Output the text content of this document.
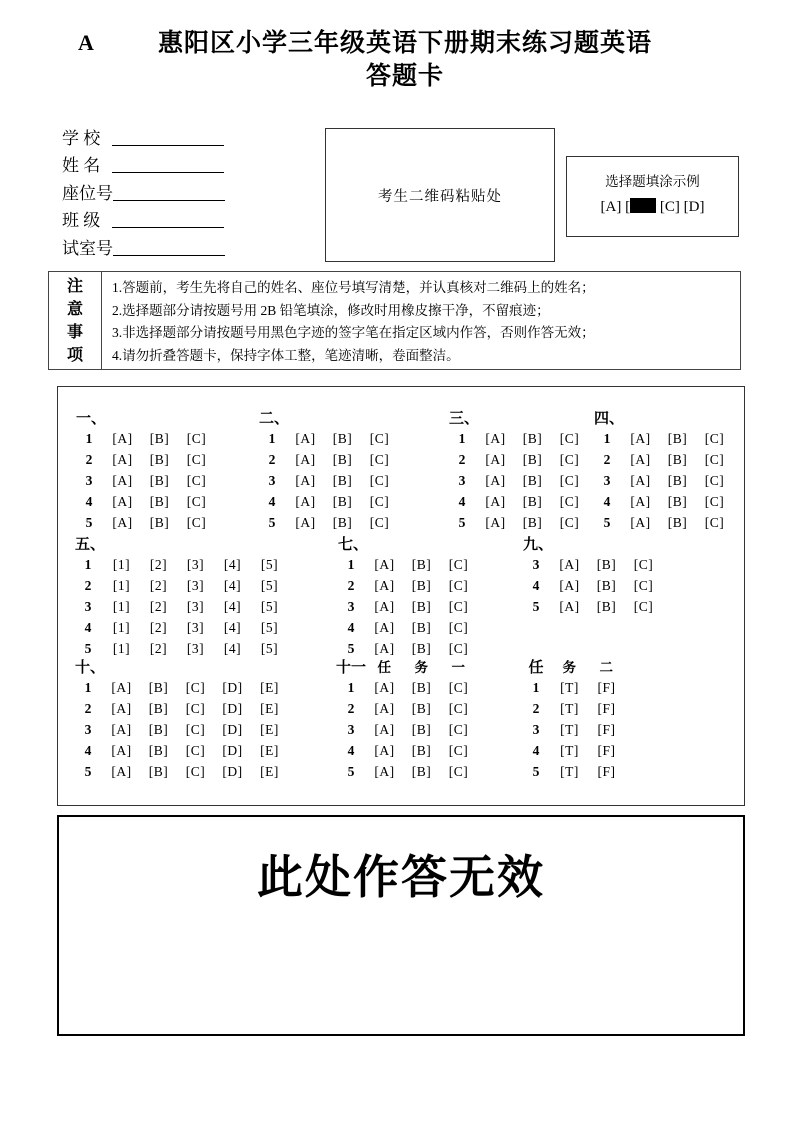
A	惠阳区小学三年级英语下册期末练习题英语
答题卡
学 校
姓 名
座位号
班 级
试室号
考生二维码粘贴处
选择题填涂示例
[A] [ [C] [D]
注
意
事
项
1.答题前，考生先将自己的姓名、座位号填写清楚，并认真核对二维码上的姓名；
2.选择题部分请按题号用 2B 铅笔填涂，修改时用橡皮擦干净，不留痕迹；
3.非选择题部分请按题号用黑色字迹的签字笔在指定区域内作答，否则作答无效；
4.请勿折叠答题卡，保持字体工整，笔迹清晰，卷面整洁。
一、
1	[A]	[B]	[C]
2	[A]	[B]	[C]
3	[A]	[B]	[C]
4	[A]	[B]	[C]
5	[A]	[B]	[C]
二、
1	[A]	[B]	[C]
2	[A]	[B]	[C]
3	[A]	[B]	[C]
4	[A]	[B]	[C]
5	[A]	[B]	[C]
三、
1	[A]	[B]	[C]
2	[A]	[B]	[C]
3	[A]	[B]	[C]
4	[A]	[B]	[C]
5	[A]	[B]	[C]
四、
1	[A]	[B]	[C]
2	[A]	[B]	[C]
3	[A]	[B]	[C]
4	[A]	[B]	[C]
5	[A]	[B]	[C]
五、
1	[1]	[2]	[3]	[4]	[5]
2	[1]	[2]	[3]	[4]	[5]
3	[1]	[2]	[3]	[4]	[5]
4	[1]	[2]	[3]	[4]	[5]
5	[1]	[2]	[3]	[4]	[5]
七、
1	[A]	[B]	[C]
2	[A]	[B]	[C]
3	[A]	[B]	[C]
4	[A]	[B]	[C]
5	[A]	[B]	[C]
九、
3	[A]	[B]	[C]
4	[A]	[B]	[C]
5	[A]	[B]	[C]
十、
1	[A]	[B]	[C]	[D]	[E]
2	[A]	[B]	[C]	[D]	[E]
3	[A]	[B]	[C]	[D]	[E]
4	[A]	[B]	[C]	[D]	[E]
5	[A]	[B]	[C]	[D]	[E]
十一 任	务	一
1	[A]	[B]	[C]
2	[A]	[B]	[C]
3	[A]	[B]	[C]
4	[A]	[B]	[C]
5	[A]	[B]	[C]
任	务	二
1	[T]	[F]
2	[T]	[F]
3	[T]	[F]
4	[T]	[F]
5	[T]	[F]
此处作答无效
